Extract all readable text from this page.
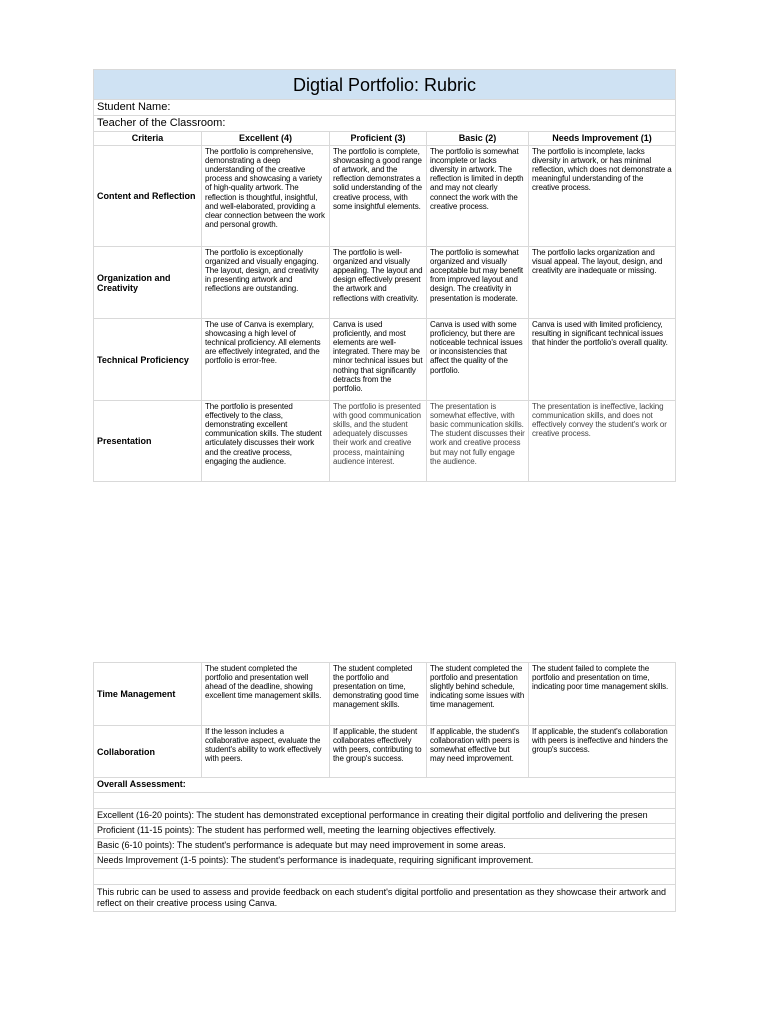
Digtial Portfolio: Rubric				
Student Name:				
Teacher of the Classroom:				
Criteria	Excellent (4)	Proficient (3)	Basic (2)	Needs Improvement (1)
Content and Reflection	The portfolio is comprehensive, demonstrating a deep understanding of the creative process and showcasing a variety of high-quality artwork. The reflection is thoughtful, insightful, and well-elaborated, providing a clear connection between the work and personal growth.	The portfolio is complete, showcasing a good range of artwork, and the reflection demonstrates a solid understanding of the creative process, with some insightful elements.	The portfolio is somewhat incomplete or lacks diversity in artwork. The reflection is limited in depth and may not clearly connect the work with the creative process.	The portfolio is incomplete, lacks diversity in artwork, or has minimal reflection, which does not demonstrate a meaningful understanding of the creative process.
Organization and Creativity	The portfolio is exceptionally organized and visually engaging. The layout, design, and creativity in presenting artwork and reflections are outstanding.	The portfolio is well-organized and visually appealing. The layout and design effectively present the artwork and reflections with creativity.	The portfolio is somewhat organized and visually acceptable but may benefit from improved layout and design. The creativity in presentation is moderate.	The portfolio lacks organization and visual appeal. The layout, design, and creativity are inadequate or missing.
Technical Proficiency	The use of Canva is exemplary, showcasing a high level of technical proficiency. All elements are effectively integrated, and the portfolio is error-free.	Canva is used proficiently, and most elements are well-integrated. There may be minor technical issues but nothing that significantly detracts from the portfolio.	Canva is used with some proficiency, but there are noticeable technical issues or inconsistencies that affect the quality of the portfolio.	Canva is used with limited proficiency, resulting in significant technical issues that hinder the portfolio's overall quality.
Presentation	The portfolio is presented effectively to the class, demonstrating excellent communication skills. The student articulately discusses their work and the creative process, engaging the audience.	The portfolio is presented with good communication skills, and the student adequately discusses their work and creative process, maintaining audience interest.	The presentation is somewhat effective, with basic communication skills. The student discusses their work and creative process but may not fully engage the audience.	The presentation is ineffective, lacking communication skills, and does not effectively convey the student's work or creative process.
Time Management	The student completed the portfolio and presentation well ahead of the deadline, showing excellent time management skills.	The student completed the portfolio and presentation on time, demonstrating good time management skills.	The student completed the portfolio and presentation slightly behind schedule, indicating some issues with time management.	The student failed to complete the portfolio and presentation on time, indicating poor time management skills.
Collaboration	If the lesson includes a collaborative aspect, evaluate the student's ability to work effectively with peers.	If applicable, the student collaborates effectively with peers, contributing to the group's success.	If applicable, the student's collaboration with peers is somewhat effective but may need improvement.	If applicable, the student's collaboration with peers is ineffective and hinders the group's success.
Overall Assessment:				

Excellent (16-20 points): The student has demonstrated exceptional performance in creating their digital portfolio and delivering the presen				
Proficient (11-15 points): The student has performed well, meeting the learning objectives effectively.				
Basic (6-10 points): The student's performance is adequate but may need improvement in some areas.				
Needs Improvement (1-5 points): The student's performance is inadequate, requiring significant improvement.				

This rubric can be used to assess and provide feedback on each student's digital portfolio and presentation as they showcase their artwork and reflect on their creative process using Canva.				
